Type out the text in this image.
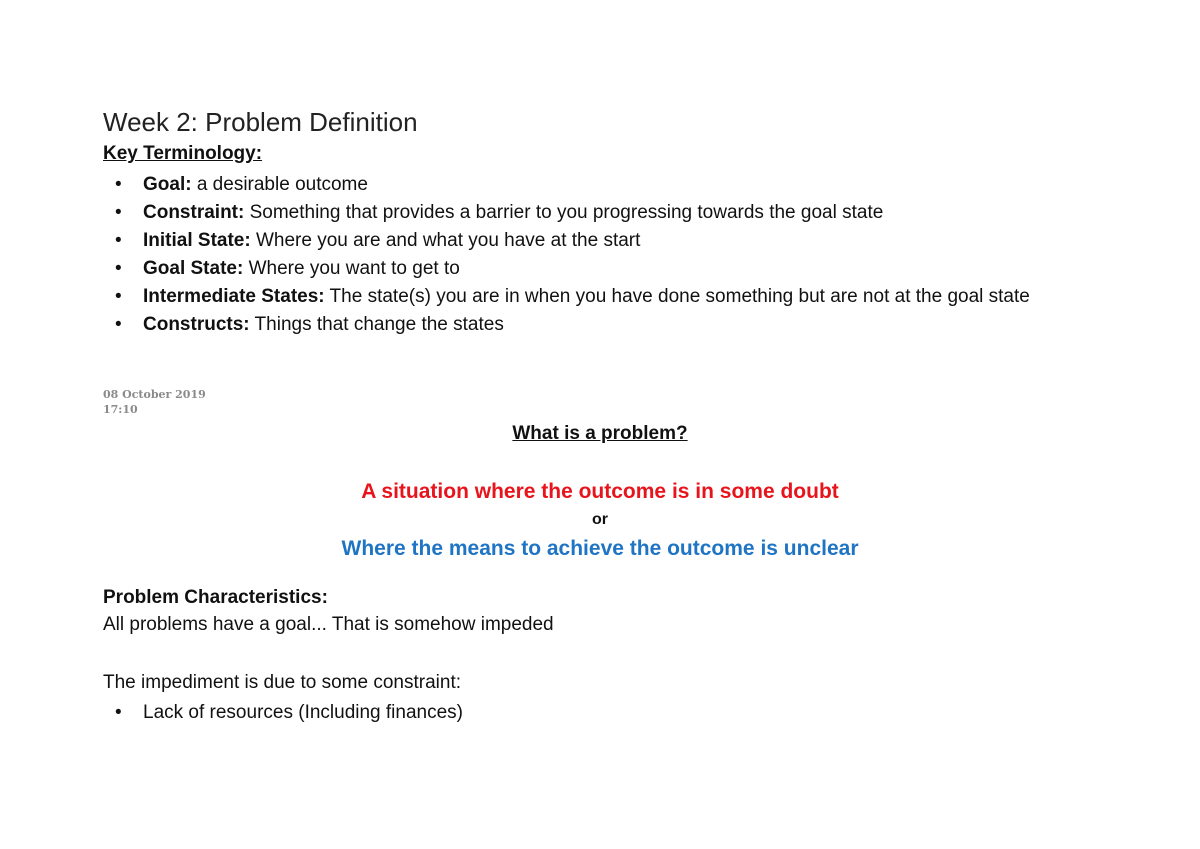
Week 2: Problem Definition
Key Terminology:
• Goal: a desirable outcome
• Constraint: Something that provides a barrier to you progressing towards the goal state
• Initial State: Where you are and what you have at the start
• Goal State: Where you want to get to
• Intermediate States: The state(s) you are in when you have done something but are not at the goal state
• Constructs: Things that change the states
08 October 2019
17:10
What is a problem?
A situation where the outcome is in some doubt
or
Where the means to achieve the outcome is unclear
Problem Characteristics:
All problems have a goal... That is somehow impeded
The impediment is due to some constraint:
• Lack of resources (Including finances)
